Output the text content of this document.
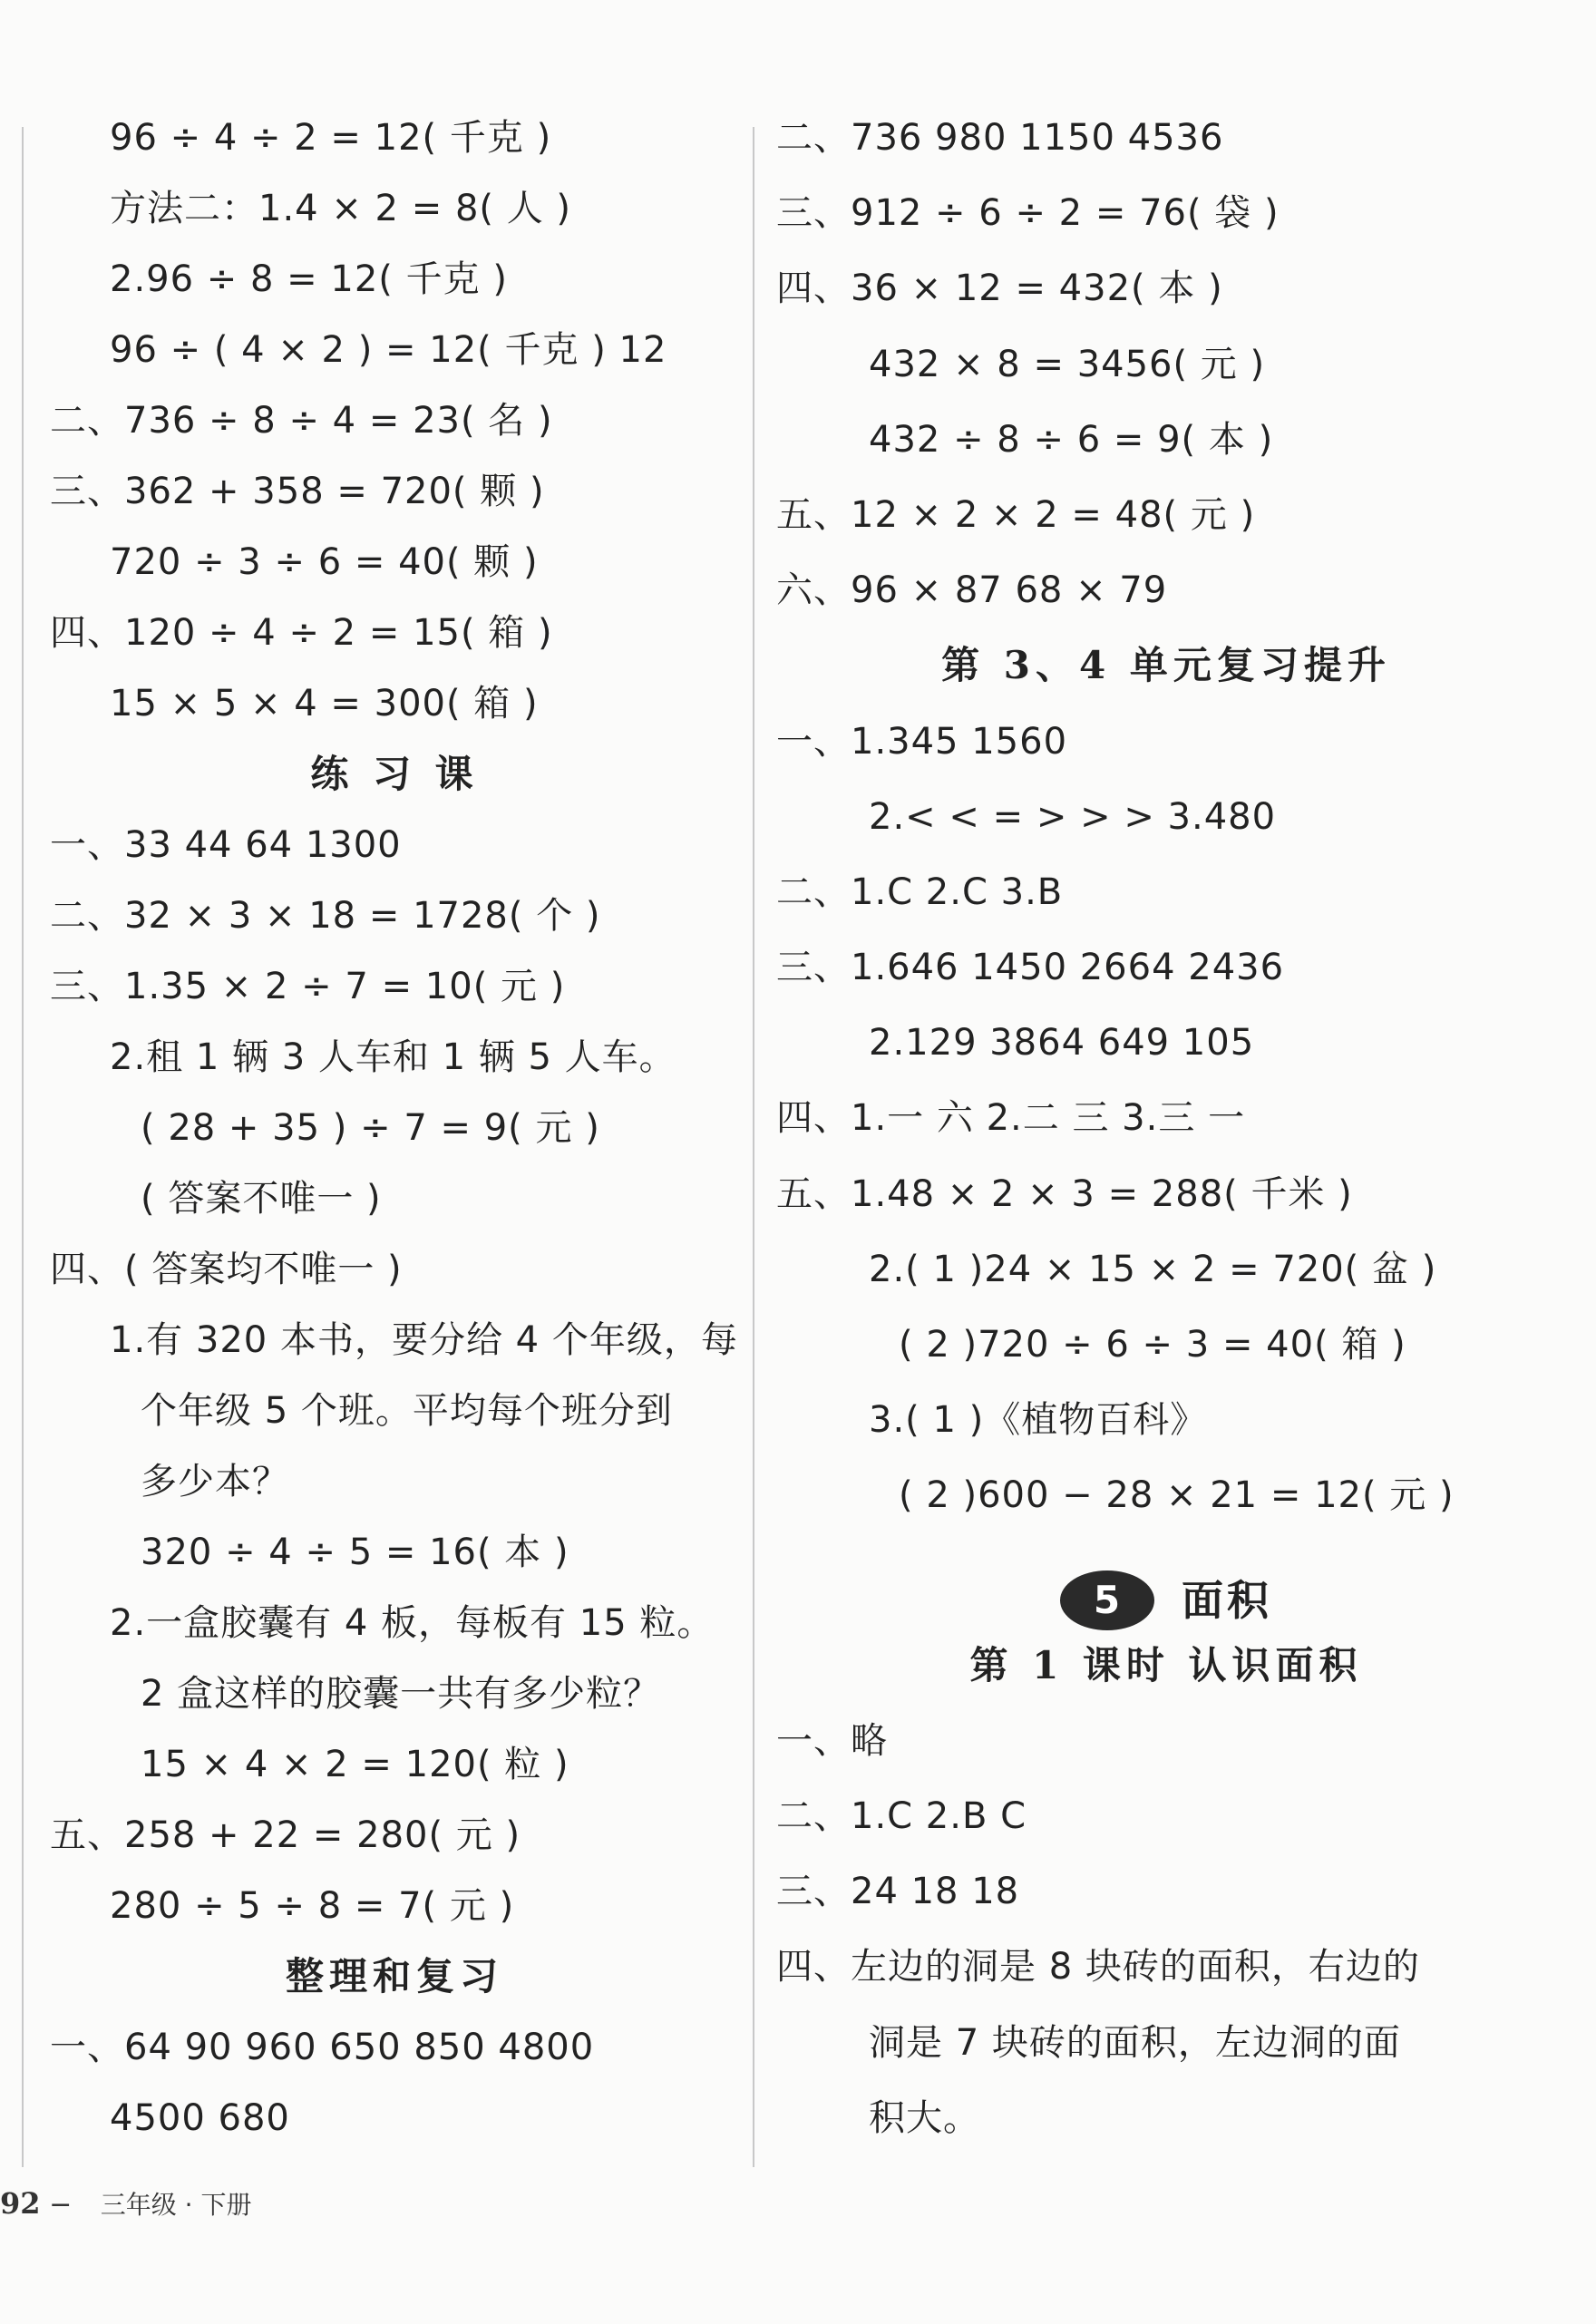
96 ÷ 4 ÷ 2 = 12( 千克 )
方法二：1.4 × 2 = 8( 人 )
2.96 ÷ 8 = 12( 千克 )
96 ÷ ( 4 × 2 ) = 12( 千克 ) 12
二、736 ÷ 8 ÷ 4 = 23( 名 )
三、362 + 358 = 720( 颗 )
720 ÷ 3 ÷ 6 = 40( 颗 )
四、120 ÷ 4 ÷ 2 = 15( 箱 )
15 × 5 × 4 = 300( 箱 )
练 习 课
一、33 44 64 1300
二、32 × 3 × 18 = 1728( 个 )
三、1.35 × 2 ÷ 7 = 10( 元 )
2.租 1 辆 3 人车和 1 辆 5 人车。
( 28 + 35 ) ÷ 7 = 9( 元 )
( 答案不唯一 )
四、( 答案均不唯一 )
1.有 320 本书，要分给 4 个年级，每
个年级 5 个班。平均每个班分到
多少本？
320 ÷ 4 ÷ 5 = 16( 本 )
2.一盒胶囊有 4 板，每板有 15 粒。
2 盒这样的胶囊一共有多少粒？
15 × 4 × 2 = 120( 粒 )
五、258 + 22 = 280( 元 )
280 ÷ 5 ÷ 8 = 7( 元 )
整理和复习
一、64 90 960 650 850 4800
4500 680
二、736 980 1150 4536
三、912 ÷ 6 ÷ 2 = 76( 袋 )
四、36 × 12 = 432( 本 )
432 × 8 = 3456( 元 )
432 ÷ 8 ÷ 6 = 9( 本 )
五、12 × 2 × 2 = 48( 元 )
六、96 × 87 68 × 79
第 3、4 单元复习提升
一、1.345 1560
2.< < = > > > 3.480
二、1.C 2.C 3.B
三、1.646 1450 2664 2436
2.129 3864 649 105
四、1.一 六 2.二 三 3.三 一
五、1.48 × 2 × 3 = 288( 千米 )
2.( 1 )24 × 15 × 2 = 720( 盆 )
( 2 )720 ÷ 6 ÷ 3 = 40( 箱 )
3.( 1 )《植物百科》
( 2 )600 − 28 × 21 = 12( 元 )
5	面积
第 1 课时 认识面积
一、略
二、1.C 2.B C
三、24 18 18
四、左边的洞是 8 块砖的面积，右边的
洞是 7 块砖的面积，左边洞的面
积大。
92 − 三年级 · 下册
